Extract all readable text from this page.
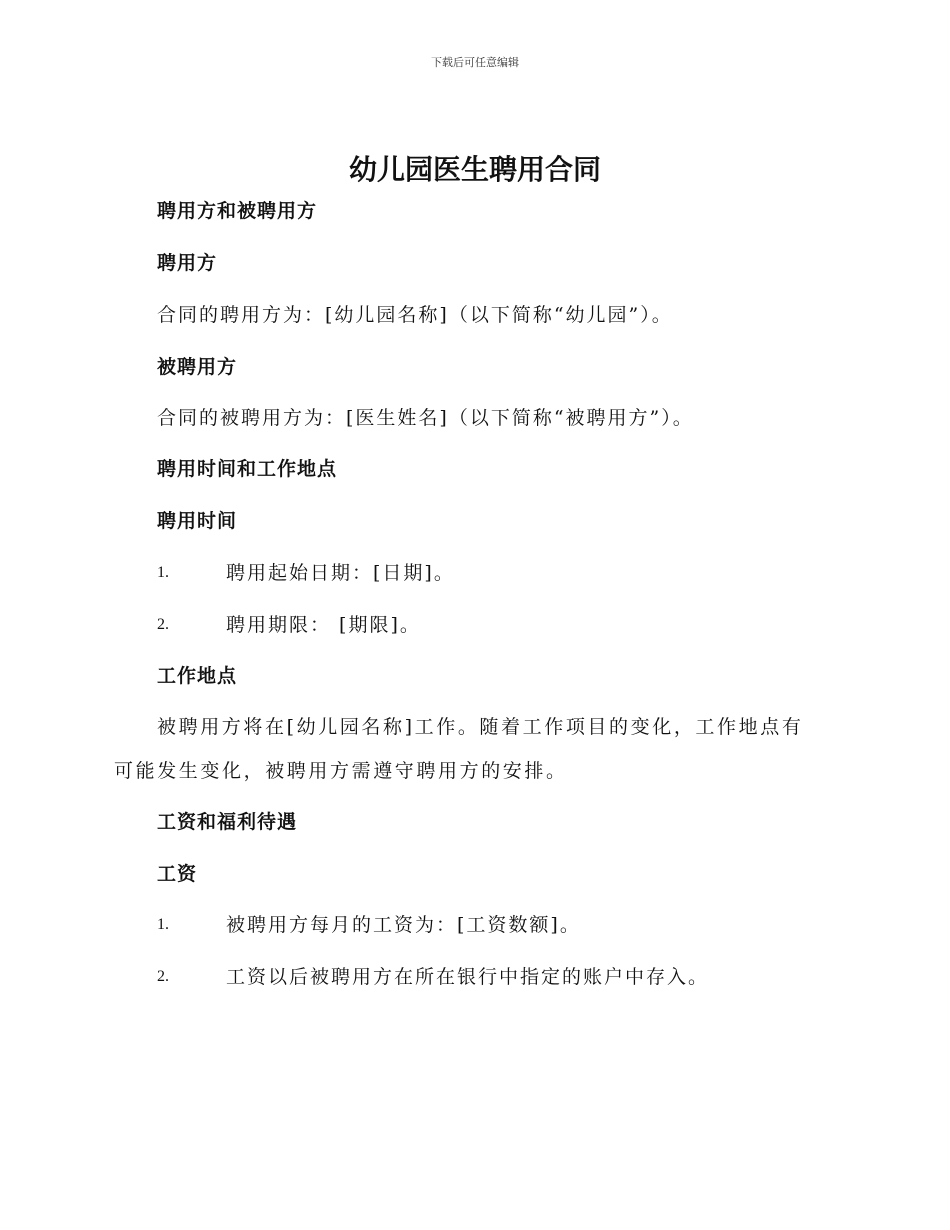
下载后可任意编辑
幼儿园医生聘用合同
聘用方和被聘用方
聘用方
合同的聘用方为：[幼儿园名称]（以下简称“幼儿园”）。
被聘用方
合同的被聘用方为：[医生姓名]（以下简称“被聘用方”）。
聘用时间和工作地点
聘用时间
1.	聘用起始日期：[日期]。
2.	聘用期限： [期限]。
工作地点
被聘用方将在[幼儿园名称]工作。随着工作项目的变化，工作地点有可能发生变化，被聘用方需遵守聘用方的安排。
工资和福利待遇
工资
1.	被聘用方每月的工资为：[工资数额]。
2.	工资以后被聘用方在所在银行中指定的账户中存入。
